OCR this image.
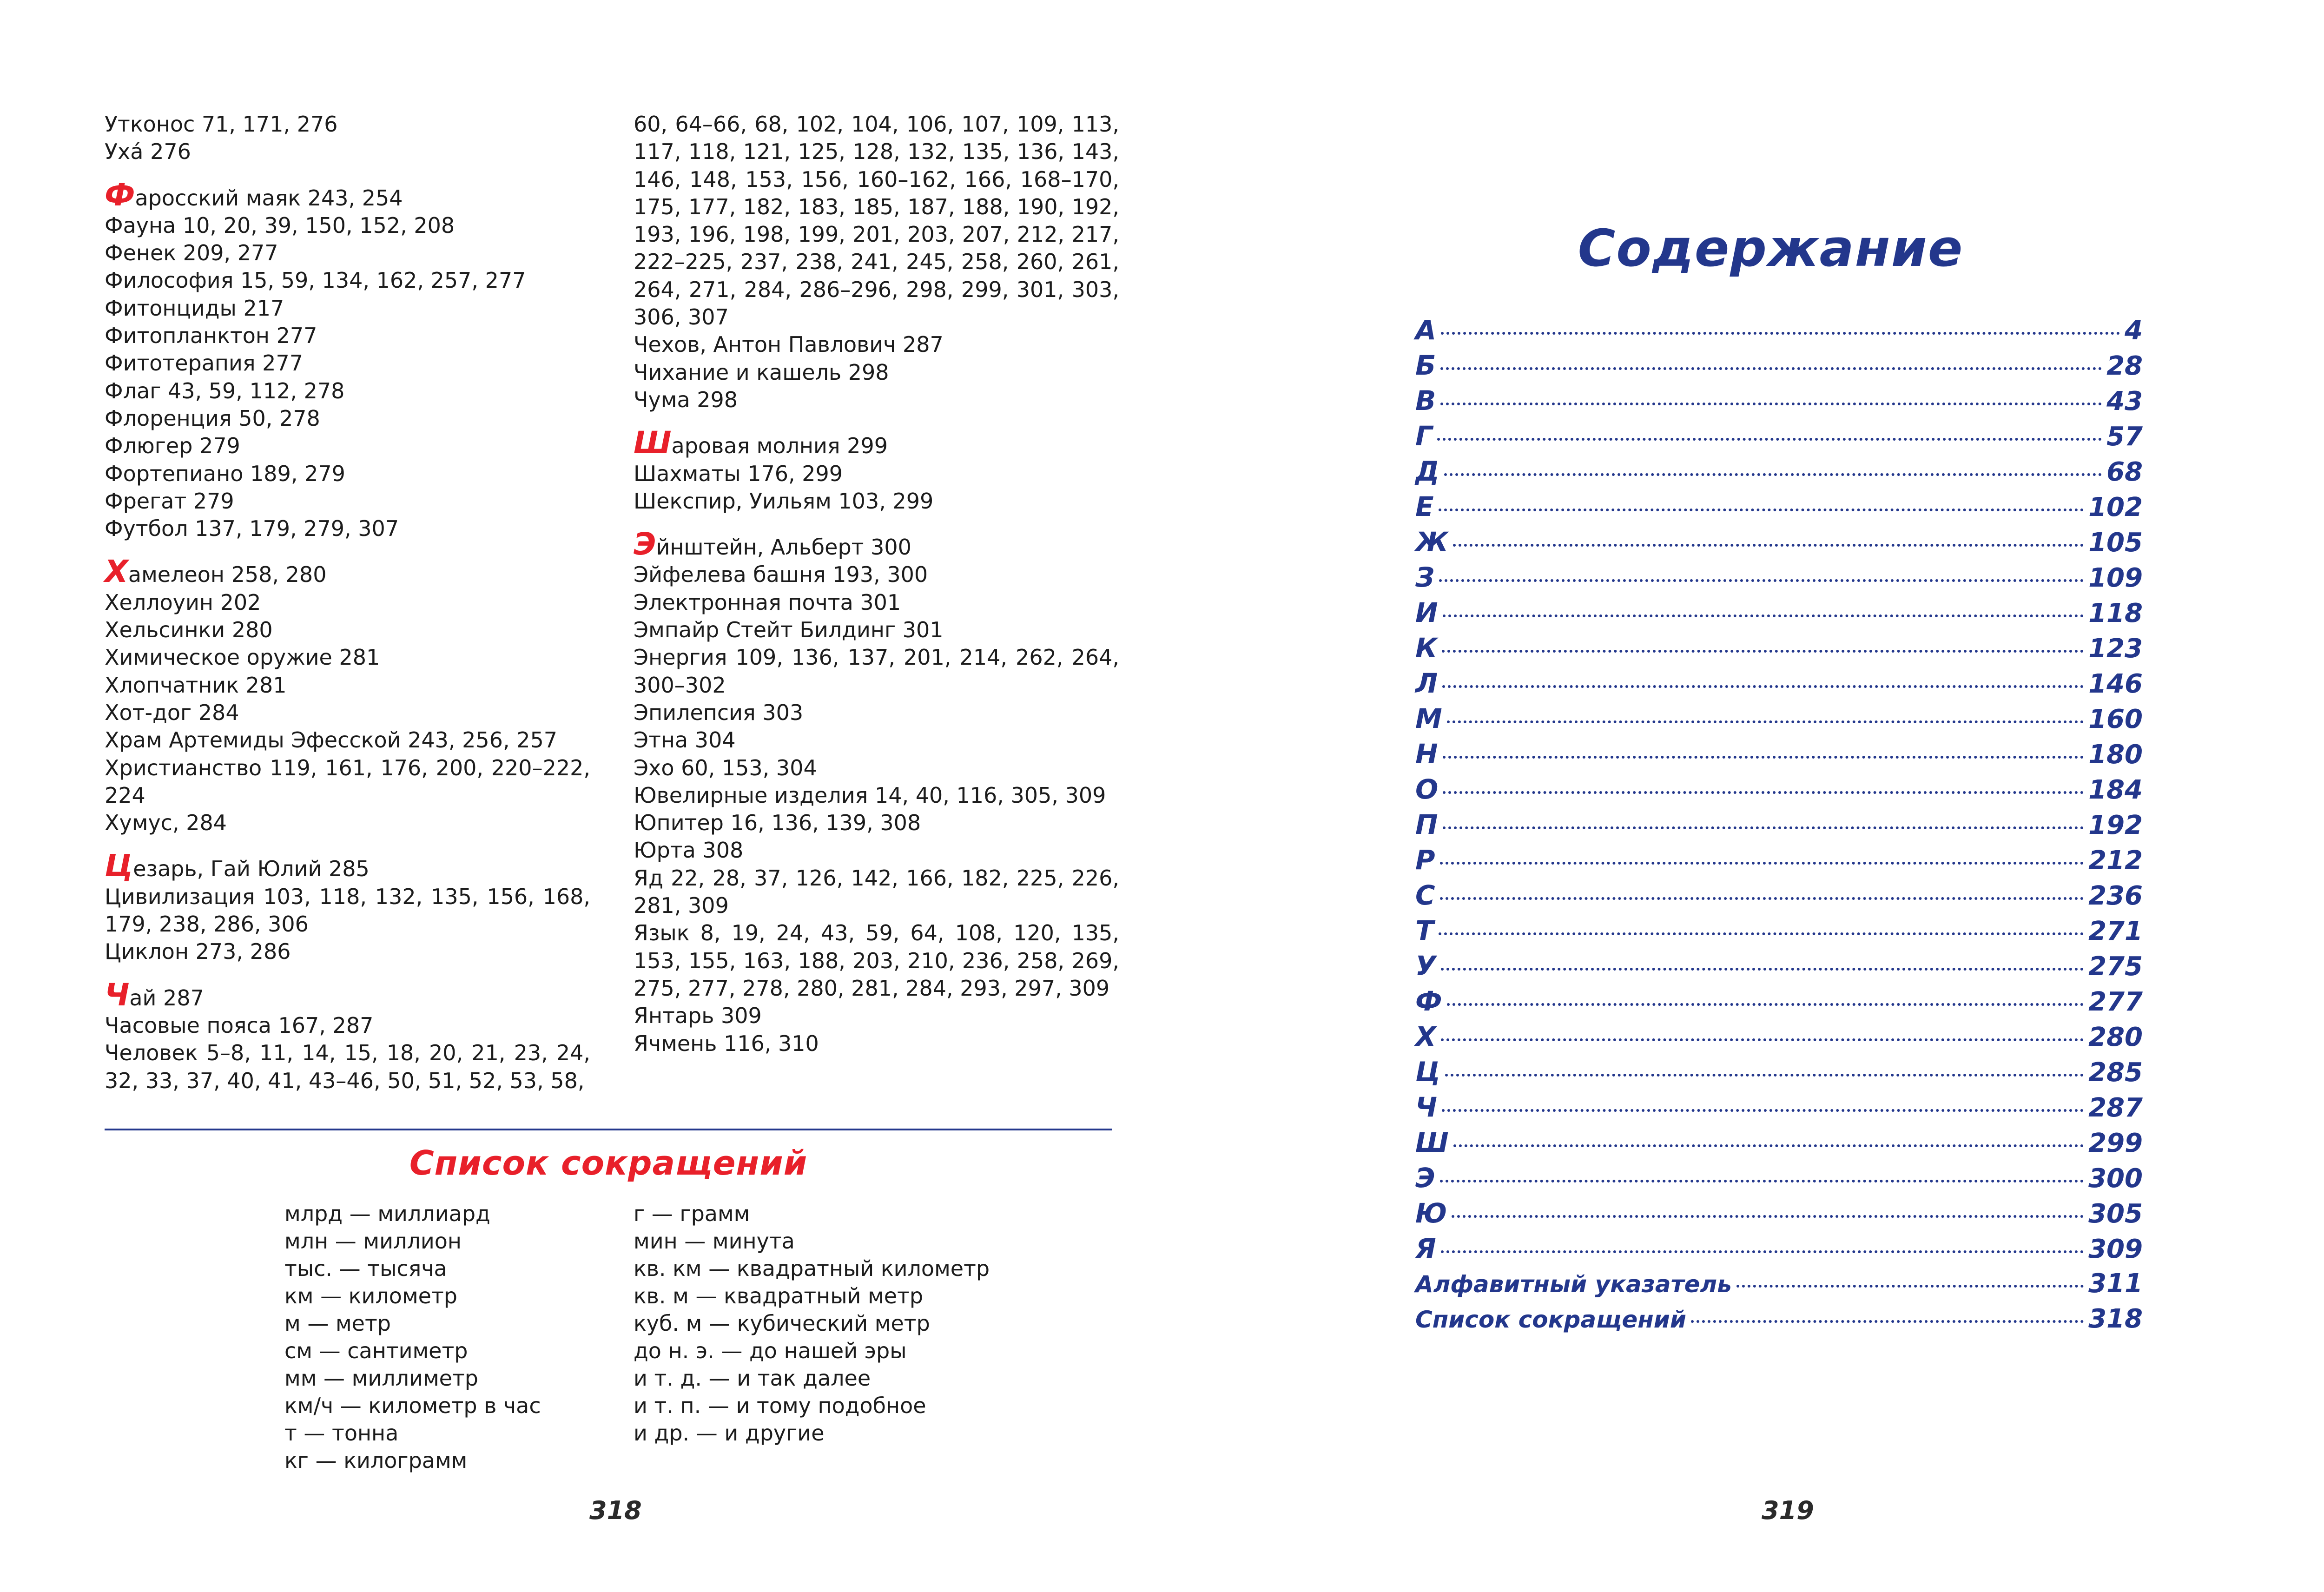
Утконос 71, 171, 276
Уха́ 276
Фаросский маяк 243, 254
Фауна 10, 20, 39, 150, 152, 208
Фенек 209, 277
Философия 15, 59, 134, 162, 257, 277
Фитонциды 217
Фитопланктон 277
Фитотерапия 277
Флаг 43, 59, 112, 278
Флоренция 50, 278
Флюгер 279
Фортепиано 189, 279
Фрегат 279
Футбол 137, 179, 279, 307
Хамелеон 258, 280
Хеллоуин 202
Хельсинки 280
Химическое оружие 281
Хлопчатник 281
Хот-дог 284
Храм Артемиды Эфесской 243, 256, 257
Христианство 119, 161, 176, 200, 220–222, 224
Хумус, 284
Цезарь, Гай Юлий 285
Цивилизация 103, 118, 132, 135, 156, 168, 179, 238, 286, 306
Циклон 273, 286
Чай 287
Часовые пояса 167, 287
Человек 5–8, 11, 14, 15, 18, 20, 21, 23, 24, 32, 33, 37, 40, 41, 43–46, 50, 51, 52, 53, 58,
60, 64–66, 68, 102, 104, 106, 107, 109, 113, 117, 118, 121, 125, 128, 132, 135, 136, 143, 146, 148, 153, 156, 160–162, 166, 168–170, 175, 177, 182, 183, 185, 187, 188, 190, 192, 193, 196, 198, 199, 201, 203, 207, 212, 217, 222–225, 237, 238, 241, 245, 258, 260, 261, 264, 271, 284, 286–296, 298, 299, 301, 303, 306, 307
Чехов, Антон Павлович 287
Чихание и кашель 298
Чума 298
Шаровая молния 299
Шахматы 176, 299
Шекспир, Уильям 103, 299
Эйнштейн, Альберт 300
Эйфелева башня 193, 300
Электронная почта 301
Эмпайр Стейт Билдинг 301
Энергия 109, 136, 137, 201, 214, 262, 264, 300–302
Эпилепсия 303
Этна 304
Эхо 60, 153, 304
Ювелирные изделия 14, 40, 116, 305, 309
Юпитер 16, 136, 139, 308
Юрта 308
Яд 22, 28, 37, 126, 142, 166, 182, 225, 226, 281, 309
Язык 8, 19, 24, 43, 59, 64, 108, 120, 135, 153, 155, 163, 188, 203, 210, 236, 258, 269, 275, 277, 278, 280, 281, 284, 293, 297, 309
Янтарь 309
Ячмень 116, 310
Список сокращений
млрд — миллиард
млн — миллион
тыс. — тысяча
км — километр
м — метр
см — сантиметр
мм — миллиметр
км/ч — километр в час
т — тонна
кг — килограмм
г — грамм
мин — минута
кв. км — квадратный километр
кв. м — квадратный метр
куб. м — кубический метр
до н. э. — до нашей эры
и т. д. — и так далее
и т. п. — и тому подобное
и др. — и другие
Содержание
А	4
Б	28
В	43
Г	57
Д	68
Е	102
Ж	105
З	109
И	118
К	123
Л	146
М	160
Н	180
О	184
П	192
Р	212
С	236
Т	271
У	275
Ф	277
Х	280
Ц	285
Ч	287
Ш	299
Э	300
Ю	305
Я	309
Алфавитный указатель	311
Список сокращений	318
318	319
